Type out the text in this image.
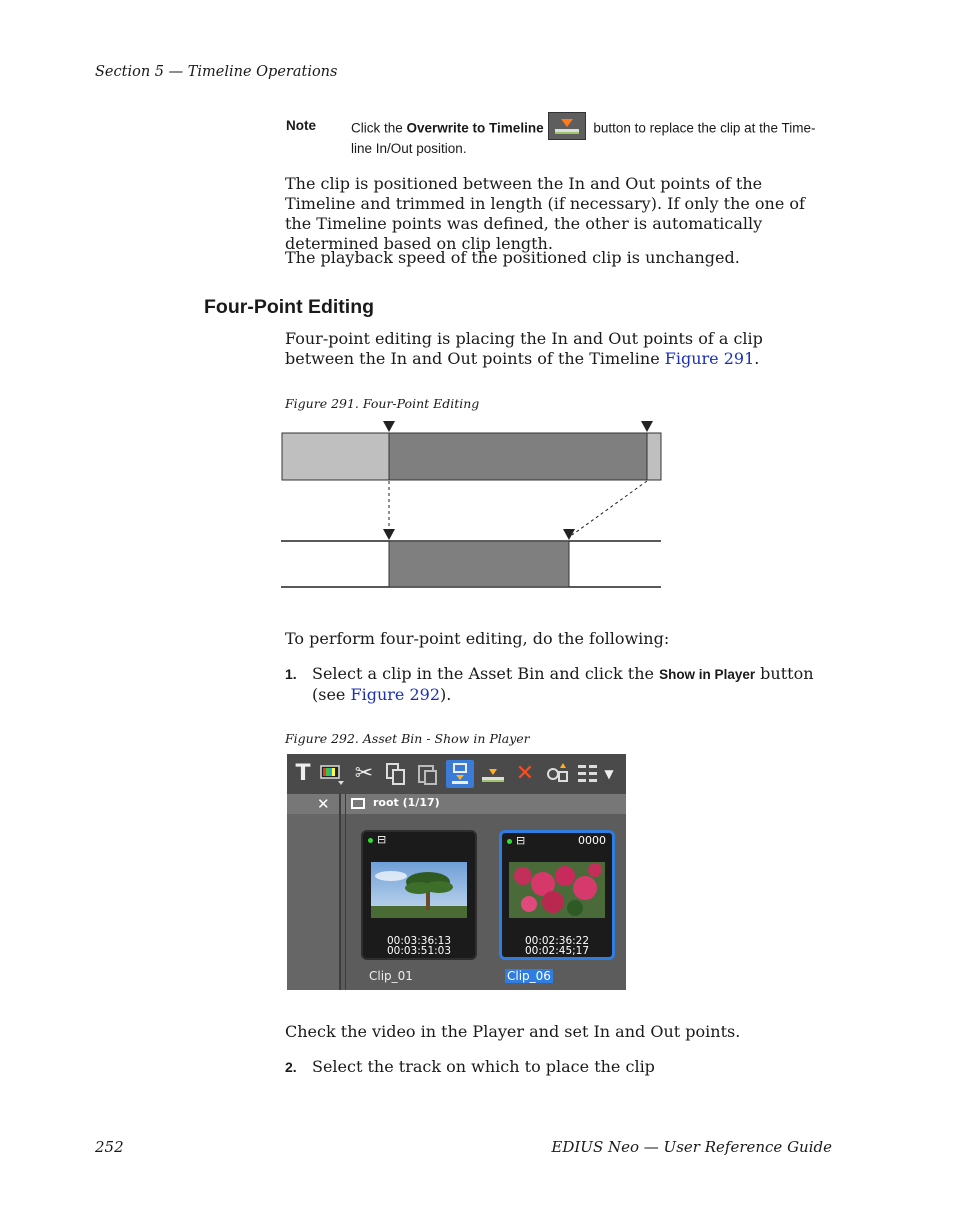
Section 5 — Timeline Operations
Note	Click the Overwrite to Timeline	button to replace the clip at the Time-line In/Out position.
The clip is positioned between the In and Out points of the Timeline and trimmed in length (if necessary). If only the one of the Timeline points was defined, the other is automatically determined based on clip length.
The playback speed of the positioned clip is unchanged.
Four-Point Editing
Four-point editing is placing the In and Out points of a clip between the In and Out points of the Timeline Figure 291.
Figure 291. Four-Point Editing
To perform four-point editing, do the following:
1. Select a clip in the Asset Bin and click the Show in Player button (see Figure 292).
Figure 292. Asset Bin - Show in Player
T ✂	✕	▼
✕	root (1/17)
⊟
00:03:36:13
00:03:51:03
Clip_01
⊟	0000
00:02:36:22
00:02:45;17
Clip_06
Check the video in the Player and set In and Out points.
2. Select the track on which to place the clip
252	EDIUS Neo — User Reference Guide
